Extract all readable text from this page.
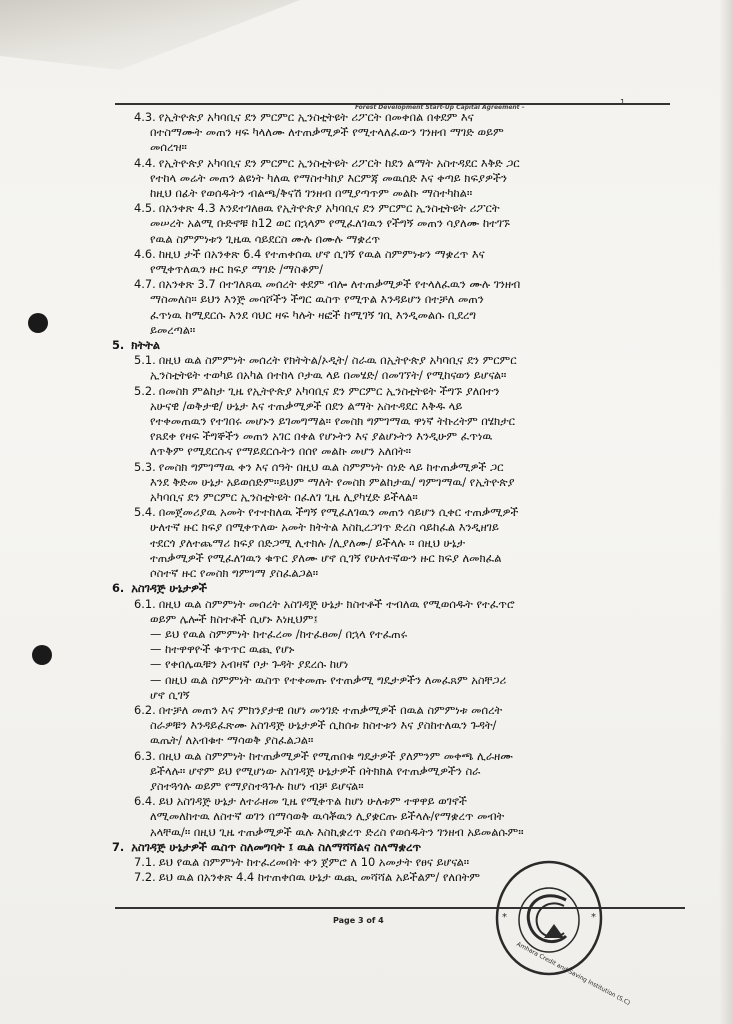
Forest Development Start-Up Capital Agreement –
1
4.3. የኢትዮጵያ አካባቢና ደን ምርምር ኢንስቲትዩት ሪፖርት በመቀበል በቀደም እና
በተስማሙት መጠን ዛፍ ካላለሙ ለተጠቃሚዎች የሚተላለፈውን ገንዘብ ማገድ ወይም
መሰረዝ።
4.4. የኢትዮጵያ አካባቢና ደን ምርምር ኢንስቲትዩት ሪፖርት ከደን ልማት አስተዳደር እቅድ ጋር
የተከላ መሬት መጠን ልዩነት ካለዉ የማስተካከያ እርምጃ መዉሰድ እና ቀጣይ ክፍያዎችን
ከዚህ በፊት የወሰዱትን ብልጫ/ቅናሽ ገንዘብ በሚያጣጥም መልኩ ማስተካከል።
4.5. በአንቀጽ 4.3 እንደተገለፀዉ የኢትዮጵያ አካባቢና ደን ምርምር ኢንስቲትዩት ሪፖርት
መሠረት አልሚ ቡድኖቹ ከ12 ወር በኋላም የሚፈለገዉን የችግኝ መጠን ሳያለሙ ከተገኙ
የዉል ስምምነቱን ጊዜዉ ሳይደርስ ሙሉ በሙሉ ማቋረጥ
4.6. ከዚህ ታች በአንቀጽ 6.4 የተጠቀሰዉ ሆኖ ሲገኝ የዉል ስምምነቱን ማቋረጥ እና
የሚቀጥለዉን ዙር ክፍያ ማገድ /ማስቆም/
4.7. በአንቀጽ 3.7 በተገለጸዉ መሰረት ቀደም ብሎ ለተጠቃሚዎች የተላለፈዉን ሙሉ ገንዘብ
ማስመለስ። ይህን እንጅ መሳሾችን ችግር ዉስጥ የሚጥል እንዳይሆን በተቻለ መጠን
ፈጥነዉ ከሚደርሱ እንደ ባህር ዛፍ ካሉት ዛፎች ከሚገኝ ገቢ እንዲመልሱ ቢደረግ
ይመረጣል።
5. ክትትል
5.1. በዚህ ዉል ስምምነት መሰረት የክትትል/ኦዲት/ ስራዉ በኢትዮጵያ አካባቢና ደን ምርምር
ኢንስቲትዩት ተወካይ በአካል በተከላ ቦታዉ ላይ በመሄድ/ በመገኘት/ የሚከናወን ይሆናል።
5.2. በመስክ ምልከታ ጊዜ የኢትዮጵያ አካባቢና ደን ምርምር ኢንስቲትዩት ችግኙ ያለበተን
አሁናዊ /ወቅታዊ/ ሁኔታ እና ተጠቃሚዎች በደን ልማት አስተዳደር እቅዱ ላይ
የተቀመጠዉን የተገበሩ መሆኑን ይገመግማል። የመስክ ግምገማዉ ዋነኛ ትኩረትም በሄክታር
የጸደቀ የዛፍ ችግኞችን መጠን አገር በቀል የሆኑትን እና ያልሆኑትን እንዲሁም ፈጥነዉ
ለጥቅም የሚደርሱና የማይደርሱትን በሰየ መልኩ መሆን አለበት።
5.3. የመስክ ግምገማዉ ቀን እና ሰዓት በዚህ ዉል ስምምነት ሰነድ ላይ ከተጠቃሚዎች ጋር
እንደ ቅድመ ሁኔታ አይወሰድም።ይህም ማለት የመስክ ምልከታዉ/ ግምገማዉ/ የኢትዮጵያ
አካባቢና ደን ምርምር ኢንስቲትዩት በፈለገ ጊዜ ሊያካሂድ ይችላል።
5.4. በመጀመሪያዉ አመት የተተከለዉ ችግኝ የሚፈለገዉን መጠን ሳይሆን ሲቀር ተጠቃሚዎች
ሁለተኛ ዙር ክፍያ በሚቀጥለው አመት ክትትል እስኪረጋገጥ ድረስ ሳይከፈል እንዲዘገይ
ተደርጎ ያለተጨማሪ ክፍያ በድጋሚ ሊተክሉ /ሊያለሙ/ ይችላሉ ። በዚህ ሁኔታ
ተጠቃሚዎች የሚፈለገዉን ቁጥር ያለሙ ሆኖ ሲገኝ የሁለተኛውን ዙር ክፍያ ለመክፈል
ሶስተኛ ዙር የመስክ ግምገማ ያስፈልጋል።
6. አስገዳጅ ሁኔታዎች
6.1. በዚህ ዉል ስምምነት መሰረት አስገዳጅ ሁኔታ ክስተቶች ተብለዉ የሚወሰዱት የተፈጥሮ
ወይም ሌሎች ክስተቶች ሲሆኑ እነዚህም፤
— ይህ የዉል ስምምነት ከተፈረመ /ከተፈፀመ/ በኋላ የተፈጠሩ
— ከተዋዋዮች ቁጥጥር ዉጪ የሆኑ
— የቀበሌዉቹን አብዛኛ ቦታ ጉዳት ያደረሱ ከሆነ
— በዚህ ዉል ስምምነት ዉስጥ የተቀመጡ የተጠቃሚ ግዴታዎችን ለመፈጸም አስቸጋሪ
ሆኖ ሲገኝ
6.2. በተቻለ መጠን እና ምክንያታዊ በሆነ መንገድ ተጠቃሚዎች በዉል ስምምነቱ መሰረት
ስራዎቹን እንዳይፈጽሙ አስገዳጅ ሁኔታዎች ሲከሰቱ ክስተቱን እና ያስከተለዉን ጉዳት/
ዉጤት/ ለአብቁተ ማሳወቅ ያስፈልጋል።
6.3. በዚህ ዉል ስምምነት ከተጠቃሚዎች የሚጠበቁ ግዴታዎች ያለምንም መቀጫ ሊራዘሙ
ይችላሉ። ሆኖም ይህ የሚሆነው አስገዳጅ ሁኔታዎች በትክክል የተጠቃሚዎችን ስራ
ያስተጓጎሉ ወይም የማያስተጓጉሉ ከሆነ ብቻ ይሆናል።
6.4. ይህ አስገዳጅ ሁኔታ ለተራዘመ ጊዜ የሚቀጥል ከሆነ ሁለቱም ተዋዋይ ወገኖች
ለሚመለከተዉ ለስተኛ ወገን በማሳወቅ ዉሳቾዉን ሊያቋርጡ ይችላሉ/የማቋረጥ መብት
አላቸዉ/። በዚህ ጊዜ ተጠቃሚዎች ዉሉ እስኪቋረጥ ድረስ የወሰዱትን ገንዘብ አይመልሱም።
7. አስገዳጅ ሁኔታዎች ዉስጥ ስለመግባት ፤ ዉል ስለማሻሻልና ስለማቋረጥ
7.1. ይህ የዉል ስምምነት ከተፈረመበት ቀን ጀምሮ ለ 10 አመታት የፀና ይሆናል።
7.2. ይህ ዉል በአንቀጽ 4.4 ከተጠቀሰዉ ሁኔታ ዉጪ መሻሻል አይችልም/ የለበትም
Page 3 of 4	*	*
Amhara Credit and Saving Institution (S.C)
